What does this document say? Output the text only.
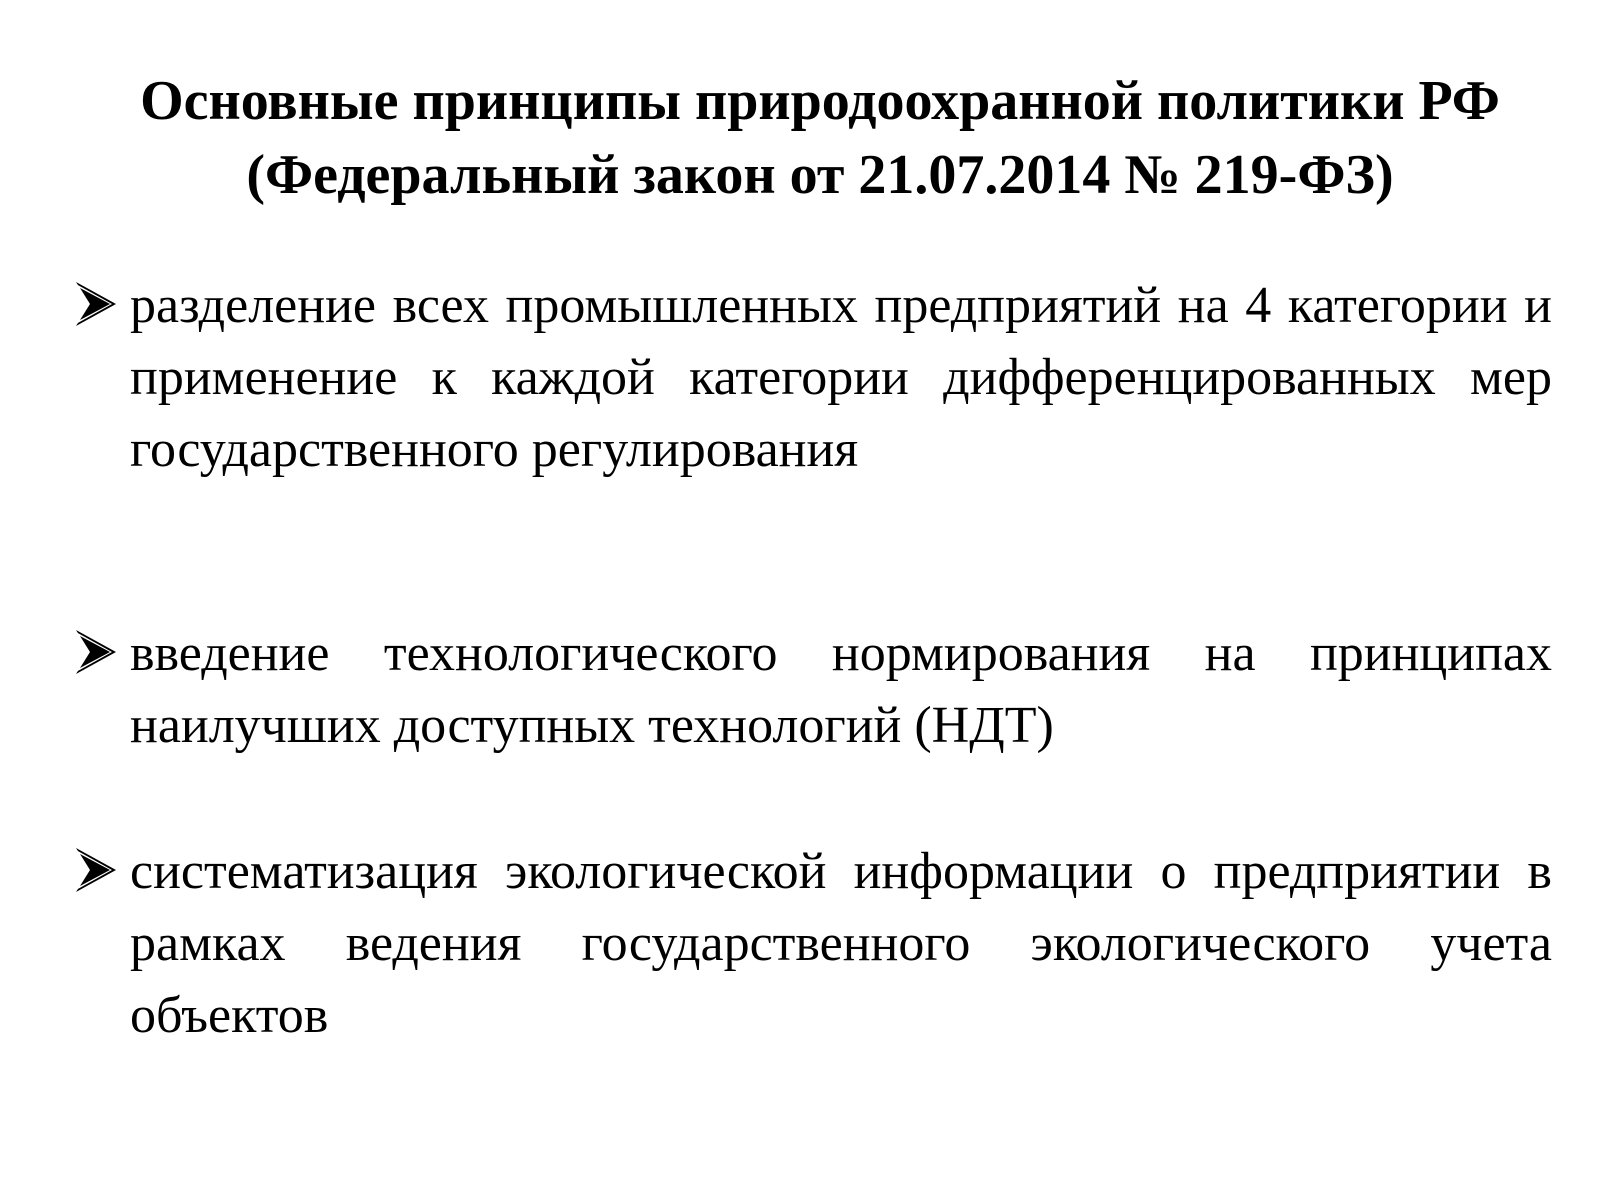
Основные принципы природоохранной политики РФ
(Федеральный закон от 21.07.2014 № 219-ФЗ)
разделение всех промышленных предприятий на 4 категории и применение к каждой категории дифференцированных мер государственного регулирования
введение технологического нормирования на принципах наилучших доступных технологий (НДТ)
систематизация экологической информации о предприятии в рамках ведения государственного экологического учета объектов
